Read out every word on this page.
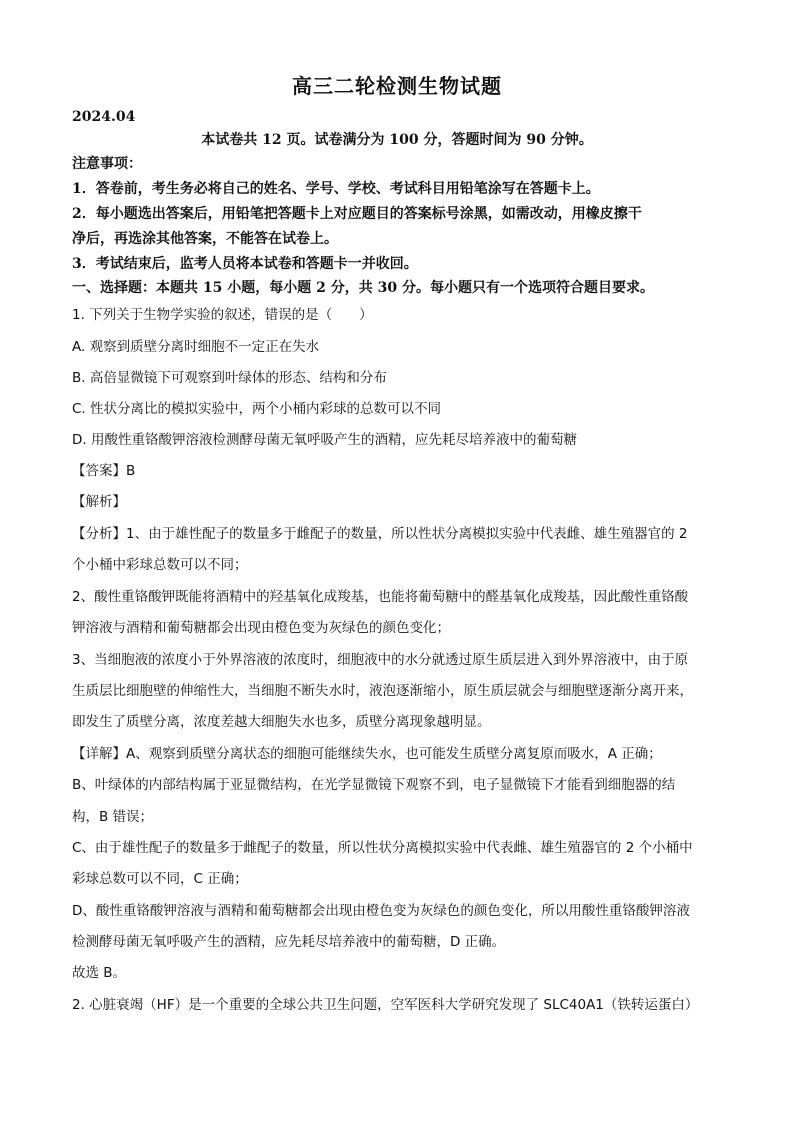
高三二轮检测生物试题
2024.04
本试卷共 12 页。试卷满分为 100 分，答题时间为 90 分钟。
注意事项：
1．答卷前，考生务必将自己的姓名、学号、学校、考试科目用铅笔涂写在答题卡上。
2．每小题选出答案后，用铅笔把答题卡上对应题目的答案标号涂黑，如需改动，用橡皮擦干
净后，再选涂其他答案，不能答在试卷上。
3．考试结束后，监考人员将本试卷和答题卡一并收回。
一、选择题：本题共 15 小题，每小题 2 分，共 30 分。每小题只有一个选项符合题目要求。
1. 下列关于生物学实验的叙述，错误的是（　　）
A. 观察到质壁分离时细胞不一定正在失水
B. 高倍显微镜下可观察到叶绿体的形态、结构和分布
C. 性状分离比的模拟实验中，两个小桶内彩球的总数可以不同
D. 用酸性重铬酸钾溶液检测酵母菌无氧呼吸产生的酒精，应先耗尽培养液中的葡萄糖
【答案】B
【解析】
【分析】1、由于雄性配子的数量多于雌配子的数量，所以性状分离模拟实验中代表雌、雄生殖器官的 2
个小桶中彩球总数可以不同；
2、酸性重铬酸钾既能将酒精中的羟基氧化成羧基，也能将葡萄糖中的醛基氧化成羧基，因此酸性重铬酸
钾溶液与酒精和葡萄糖都会出现由橙色变为灰绿色的颜色变化；
3、当细胞液的浓度小于外界溶液的浓度时，细胞液中的水分就透过原生质层进入到外界溶液中，由于原
生质层比细胞壁的伸缩性大，当细胞不断失水时，液泡逐渐缩小，原生质层就会与细胞壁逐渐分离开来，
即发生了质壁分离，浓度差越大细胞失水也多，质壁分离现象越明显。
【详解】A、观察到质壁分离状态的细胞可能继续失水，也可能发生质壁分离复原而吸水，A 正确；
B、叶绿体的内部结构属于亚显微结构，在光学显微镜下观察不到，电子显微镜下才能看到细胞器的结
构，B 错误；
C、由于雄性配子的数量多于雌配子的数量，所以性状分离模拟实验中代表雌、雄生殖器官的 2 个小桶中
彩球总数可以不同，C 正确；
D、酸性重铬酸钾溶液与酒精和葡萄糖都会出现由橙色变为灰绿色的颜色变化，所以用酸性重铬酸钾溶液
检测酵母菌无氧呼吸产生的酒精，应先耗尽培养液中的葡萄糖，D 正确。
故选 B。
2. 心脏衰竭（HF）是一个重要的全球公共卫生问题，空军医科大学研究发现了 SLC40A1（铁转运蛋白）
